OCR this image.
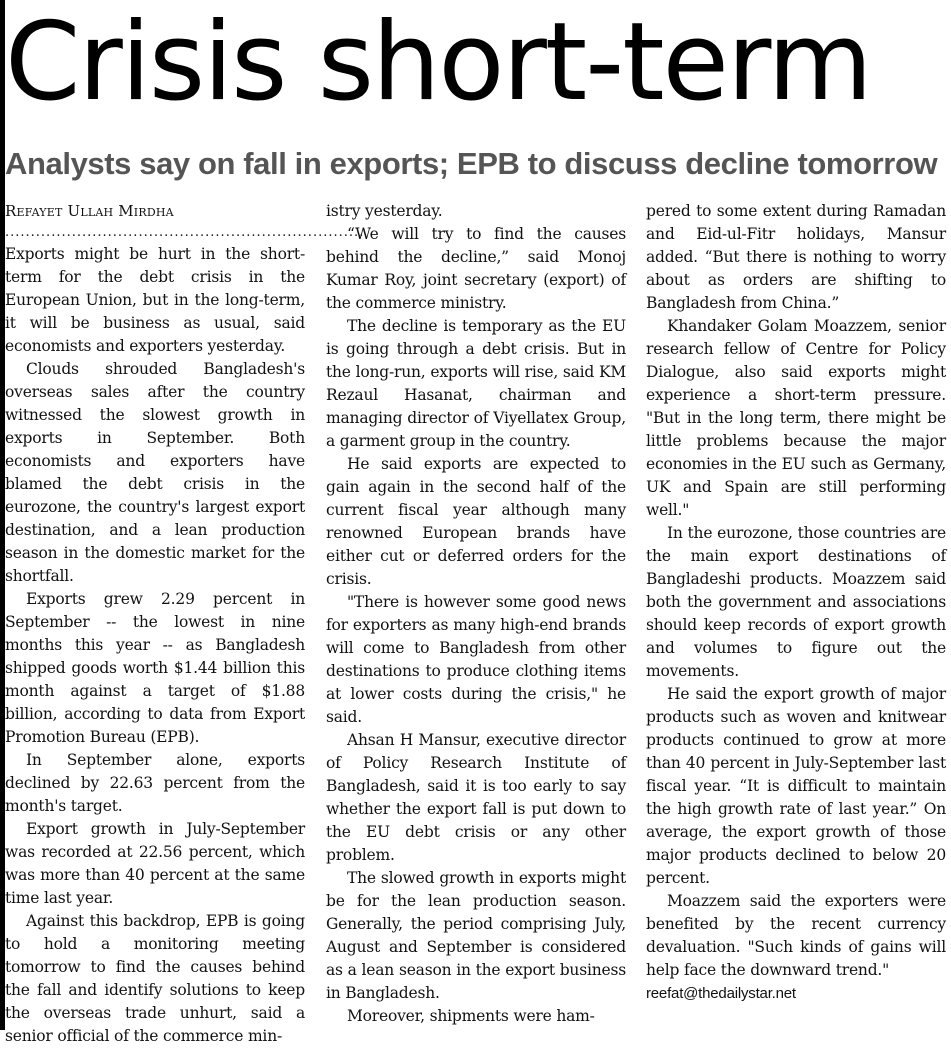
Crisis short-term
Analysts say on fall in exports; EPB to discuss decline tomorrow
Refayet Ullah Mirdha
......................................................................

Exports might be hurt in the short-term for the debt crisis in the European Union, but in the long-term, it will be business as usual, said economists and exporters yesterday.

Clouds shrouded Bangladesh's overseas sales after the country witnessed the slowest growth in exports in September. Both economists and exporters have blamed the debt crisis in the eurozone, the country's largest export destination, and a lean production season in the domestic market for the shortfall.

Exports grew 2.29 percent in September -- the lowest in nine months this year -- as Bangladesh shipped goods worth $1.44 billion this month against a target of $1.88 billion, according to data from Export Promotion Bureau (EPB).

In September alone, exports declined by 22.63 percent from the month's target.

Export growth in July-September was recorded at 22.56 percent, which was more than 40 percent at the same time last year.

Against this backdrop, EPB is going to hold a monitoring meeting tomorrow to find the causes behind the fall and identify solutions to keep the overseas trade unhurt, said a senior official of the commerce min-

istry yesterday.

“We will try to find the causes behind the decline,” said Monoj Kumar Roy, joint secretary (export) of the commerce ministry.

The decline is temporary as the EU is going through a debt crisis. But in the long-run, exports will rise, said KM Rezaul Hasanat, chairman and managing director of Viyellatex Group, a garment group in the country.

He said exports are expected to gain again in the second half of the current fiscal year although many renowned European brands have either cut or deferred orders for the crisis.

"There is however some good news for exporters as many high-end brands will come to Bangladesh from other destinations to produce clothing items at lower costs during the crisis," he said.

Ahsan H Mansur, executive director of Policy Research Institute of Bangladesh, said it is too early to say whether the export fall is put down to the EU debt crisis or any other problem.

The slowed growth in exports might be for the lean production season. Generally, the period comprising July, August and September is considered as a lean season in the export business in Bangladesh.

Moreover, shipments were ham-

pered to some extent during Ramadan and Eid-ul-Fitr holidays, Mansur added. “But there is nothing to worry about as orders are shifting to Bangladesh from China.”

Khandaker Golam Moazzem, senior research fellow of Centre for Policy Dialogue, also said exports might experience a short-term pressure. "But in the long term, there might be little problems because the major economies in the EU such as Germany, UK and Spain are still performing well."

In the eurozone, those countries are the main export destinations of Bangladeshi products. Moazzem said both the government and associations should keep records of export growth and volumes to figure out the movements.

He said the export growth of major products such as woven and knitwear products continued to grow at more than 40 percent in July-September last fiscal year. “It is difficult to maintain the high growth rate of last year.” On average, the export growth of those major products declined to below 20 percent.

Moazzem said the exporters were benefited by the recent currency devaluation. "Such kinds of gains will help face the downward trend."

reefat@thedailystar.net
